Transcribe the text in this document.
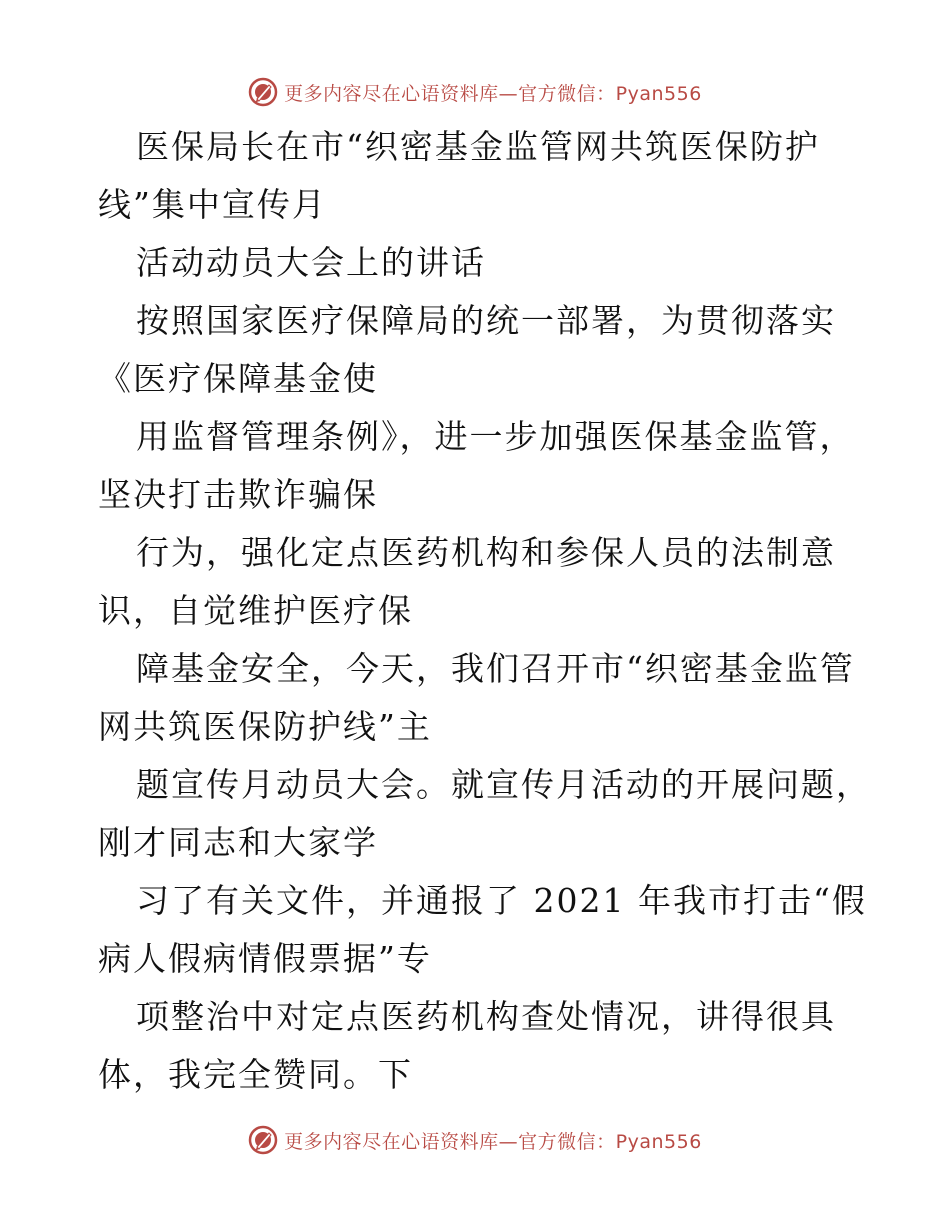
更多内容尽在心语资料库—官方微信：Pyan556
医保局长在市“织密基金监管网共筑医保防护
线”集中宣传月
活动动员大会上的讲话
按照国家医疗保障局的统一部署，为贯彻落实
《医疗保障基金使
用监督管理条例》，进一步加强医保基金监管，
坚决打击欺诈骗保
行为，强化定点医药机构和参保人员的法制意
识，自觉维护医疗保
障基金安全，今天，我们召开市“织密基金监管
网共筑医保防护线”主
题宣传月动员大会。就宣传月活动的开展问题，
刚才同志和大家学
习了有关文件，并通报了 2021 年我市打击“假
病人假病情假票据”专
项整治中对定点医药机构查处情况，讲得很具
体，我完全赞同。下
更多内容尽在心语资料库—官方微信：Pyan556
